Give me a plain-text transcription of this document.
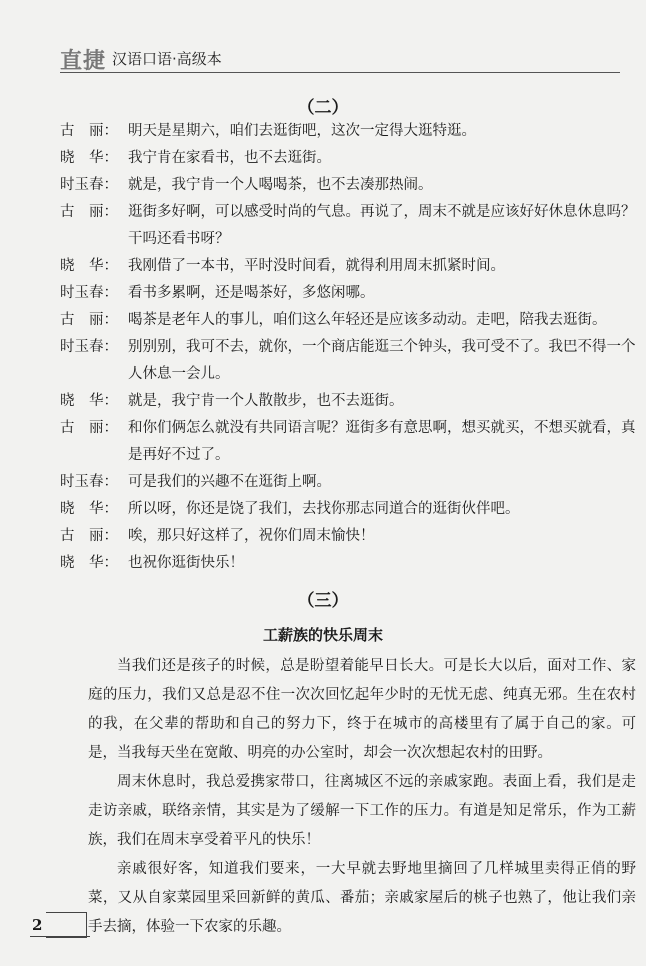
直捷 汉语口语·高级本
（二）
古　丽： 明天是星期六，咱们去逛街吧，这次一定得大逛特逛。
晓　华： 我宁肯在家看书，也不去逛街。
时玉春： 就是，我宁肯一个人喝喝茶，也不去凑那热闹。
古　丽： 逛街多好啊，可以感受时尚的气息。再说了，周末不就是应该好好休息休息吗？干吗还看书呀？
晓　华： 我刚借了一本书，平时没时间看，就得利用周末抓紧时间。
时玉春： 看书多累啊，还是喝茶好，多悠闲哪。
古　丽： 喝茶是老年人的事儿，咱们这么年轻还是应该多动动。走吧，陪我去逛街。
时玉春： 别别别，我可不去，就你，一个商店能逛三个钟头，我可受不了。我巴不得一个人休息一会儿。
晓　华： 就是，我宁肯一个人散散步，也不去逛街。
古　丽： 和你们俩怎么就没有共同语言呢？逛街多有意思啊，想买就买，不想买就看，真是再好不过了。
时玉春： 可是我们的兴趣不在逛街上啊。
晓　华： 所以呀，你还是饶了我们，去找你那志同道合的逛街伙伴吧。
古　丽： 唉，那只好这样了，祝你们周末愉快！
晓　华： 也祝你逛街快乐！
（三）
工薪族的快乐周末

当我们还是孩子的时候，总是盼望着能早日长大。可是长大以后，面对工作、家庭的压力，我们又总是忍不住一次次回忆起年少时的无忧无虑、纯真无邪。生在农村的我，在父辈的帮助和自己的努力下，终于在城市的高楼里有了属于自己的家。可是，当我每天坐在宽敞、明亮的办公室时，却会一次次想起农村的田野。

周末休息时，我总爱携家带口，往离城区不远的亲戚家跑。表面上看，我们是走走访亲戚，联络亲情，其实是为了缓解一下工作的压力。有道是知足常乐，作为工薪族，我们在周末享受着平凡的快乐！

亲戚很好客，知道我们要来，一大早就去野地里摘回了几样城里卖得正俏的野菜，又从自家菜园里采回新鲜的黄瓜、番茄；亲戚家屋后的桃子也熟了，他让我们亲手去摘，体验一下农家的乐趣。

2
